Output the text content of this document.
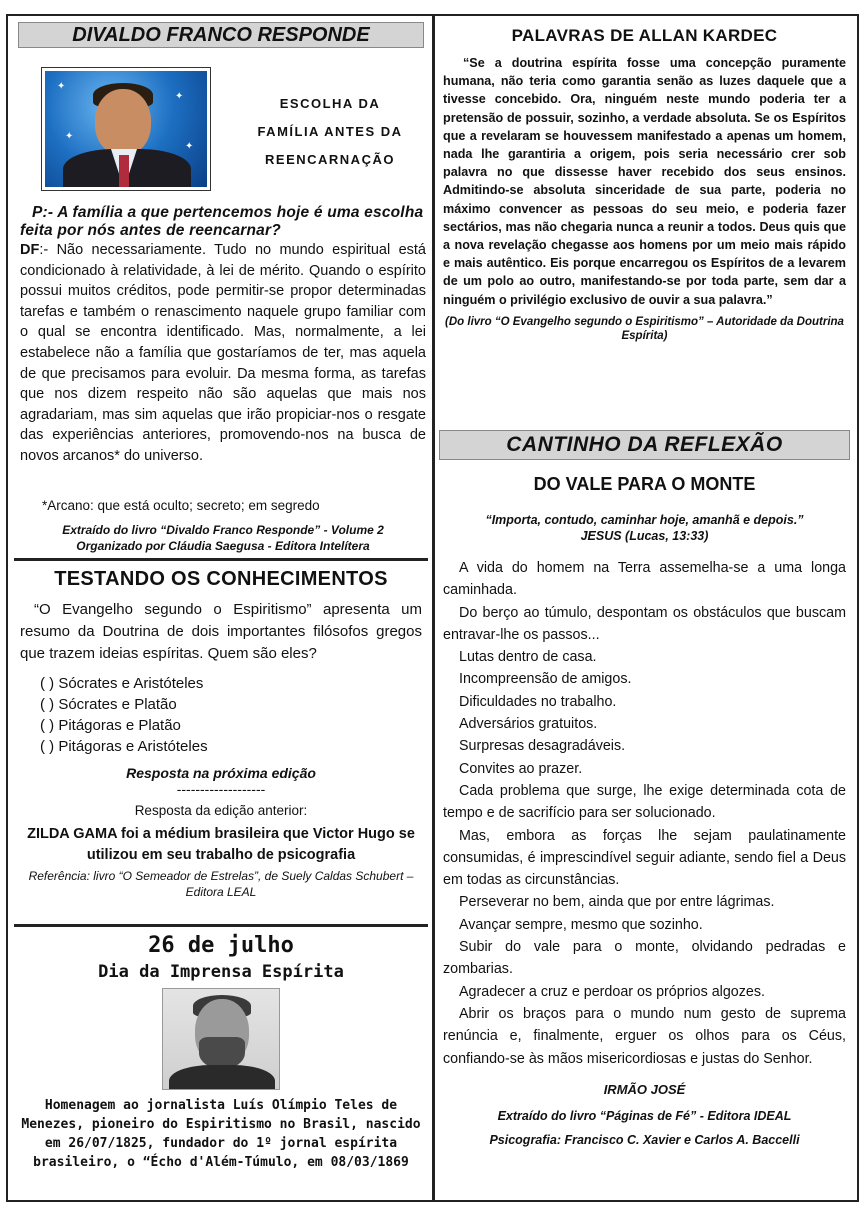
DIVALDO FRANCO RESPONDE
✦
✦
✦
✦
ESCOLHA DA
FAMÍLIA ANTES DA
REENCARNAÇÃO
P:- A família a que pertencemos hoje é uma escolha feita por nós antes de reencarnar?
DF:- Não necessariamente. Tudo no mundo espiritual está condicionado à relatividade, à lei de mérito. Quando o espírito possui muitos créditos, pode permitir-se propor determinadas tarefas e também o renascimento naquele grupo familiar com o qual se encontra identificado. Mas, normalmente, a lei estabelece não a família que gostaríamos de ter, mas aquela de que precisamos para evoluir. Da mesma forma, as tarefas que nos dizem respeito não são aquelas que mais nos agradariam, mas sim aquelas que irão propiciar-nos o resgate das experiências anteriores, promovendo-nos na busca de novos arcanos* do universo.
*Arcano: que está oculto; secreto; em segredo
Extraído do livro “Divaldo Franco Responde” - Volume 2
Organizado por Cláudia Saegusa - Editora Intelítera
TESTANDO OS CONHECIMENTOS
“O Evangelho segundo o Espiritismo” apresenta um resumo da Doutrina de dois importantes filósofos gregos que trazem ideias espíritas. Quem são eles?
( ) Sócrates e Aristóteles
( ) Sócrates e Platão
( ) Pitágoras e Platão
( ) Pitágoras e Aristóteles
Resposta na próxima edição
-------------------
Resposta da edição anterior:
ZILDA GAMA foi a médium brasileira que Victor Hugo se utilizou em seu trabalho de psicografia
Referência: livro “O Semeador de Estrelas”, de Suely Caldas Schubert – Editora LEAL
26 de julho
Dia da Imprensa Espírita
Homenagem ao jornalista Luís Olímpio Teles de Menezes, pioneiro do Espiritismo no Brasil, nascido em 26/07/1825, fundador do 1º jornal espírita brasileiro, o “Écho d'Além-Túmulo, em 08/03/1869
PALAVRAS DE ALLAN KARDEC
“Se a doutrina espírita fosse uma concepção puramente humana, não teria como garantia senão as luzes daquele que a tivesse concebido. Ora, ninguém neste mundo poderia ter a pretensão de possuir, sozinho, a verdade absoluta. Se os Espíritos que a revelaram se houvessem manifestado a apenas um homem, nada lhe garantiria a origem, pois seria necessário crer sob palavra no que dissesse haver recebido dos seus ensinos. Admitindo-se absoluta sinceridade de sua parte, poderia no máximo convencer as pessoas do seu meio, e poderia fazer sectários, mas não chegaria nunca a reunir a todos. Deus quis que a nova revelação chegasse aos homens por um meio mais rápido e mais autêntico. Eis porque encarregou os Espíritos de a levarem de um polo ao outro, manifestando-se por toda parte, sem dar a ninguém o privilégio exclusivo de ouvir a sua palavra.”
(Do livro “O Evangelho segundo o Espiritismo” – Autoridade da Doutrina Espírita)
CANTINHO DA REFLEXÃO
DO VALE PARA O MONTE
“Importa, contudo, caminhar hoje, amanhã e depois.”
JESUS (Lucas, 13:33)

A vida do homem na Terra assemelha-se a uma longa caminhada.

Do berço ao túmulo, despontam os obstáculos que buscam entravar-lhe os passos...

Lutas dentro de casa.

Incompreensão de amigos.

Dificuldades no trabalho.

Adversários gratuitos.

Surpresas desagradáveis.

Convites ao prazer.

Cada problema que surge, lhe exige determinada cota de tempo e de sacrifício para ser solucionado.

Mas, embora as forças lhe sejam paulatinamente consumidas, é imprescindível seguir adiante, sendo fiel a Deus em todas as circunstâncias.

Perseverar no bem, ainda que por entre lágrimas.

Avançar sempre, mesmo que sozinho.

Subir do vale para o monte, olvidando pedradas e zombarias.

Agradecer a cruz e perdoar os próprios algozes.

Abrir os braços para o mundo num gesto de suprema renúncia e, finalmente, erguer os olhos para os Céus, confiando-se às mãos misericordiosas e justas do Senhor.

IRMÃO JOSÉ
Extraído do livro “Páginas de Fé” - Editora IDEAL
Psicografia: Francisco C. Xavier e Carlos A. Baccelli
